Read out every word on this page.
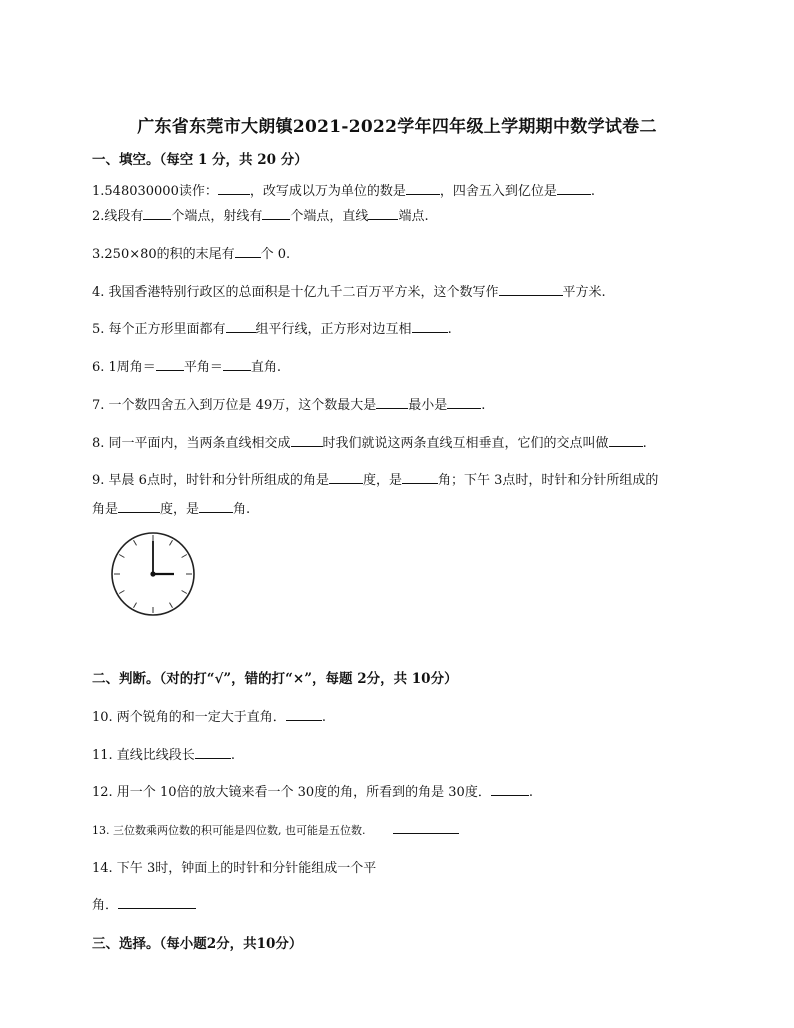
广东省东莞市大朗镇2021-2022学年四年级上学期期中数学试卷二
一、填空。（每空 1 分，共 20 分）
1.548030000读作： ，改写成以万为单位的数是	，四舍五入到亿位是	.
2.线段有 个端点，射线有 个端点，直线 端点.
3.250×80的积的末尾有 个 0.
4. 我国香港特别行政区的总面积是十亿九千二百万平方米，这个数写作	平方米.
5. 每个正方形里面都有 组平行线，正方形对边互相	.
6. 1周角＝ 平角＝ 直角.
7. 一个数四舍五入到万位是 49万，这个数最大是 最小是	.
8. 同一平面内，当两条直线相交成 时我们就说这两条直线互相垂直，它们的交点叫做	.
9. 早晨 6点时，时针和分针所组成的角是	度，是	角；下午 3点时，时针和分针所组成的
角是	度，是	角.
二、判断。（对的打“√”，错的打“×”，每题 2分，共 10分）
10. 两个锐角的和一定大于直角．	.
11. 直线比线段长	.
12. 用一个 10倍的放大镜来看一个 30度的角，所看到的角是 30度．	.
13. 三位数乘两位数的积可能是四位数, 也可能是五位数.
14. 下午 3时，钟面上的时针和分针能组成一个平
角．
三、选择。（每小题2分，共10分）
